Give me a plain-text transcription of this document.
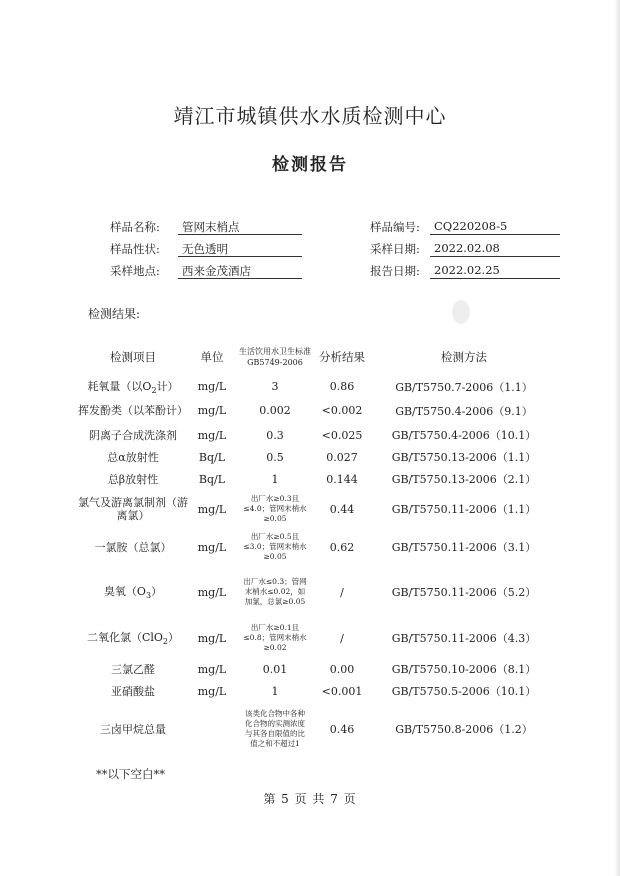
靖江市城镇供水水质检测中心
检测报告
样品名称:	管网末梢点	样品编号:	CQ220208-5
样品性状:	无色透明	采样日期:	2022.02.08
采样地点:	西来金茂酒店	报告日期:	2022.02.25
检测结果:
检测项目	单位	生活饮用水卫生标准GB5749-2006	分析结果	检测方法
耗氧量（以$O_2$计）	mg/L	3	0.86	GB/T5750.7-2006（1.1）
挥发酚类（以苯酚计）	mg/L	0.002	<0.002	GB/T5750.4-2006（9.1）
阴离子合成洗涤剂	mg/L	0.3	<0.025	GB/T5750.4-2006（10.1）
总α放射性	Bq/L	0.5	0.027	GB/T5750.13-2006（1.1）
总β放射性	Bq/L	1	0.144	GB/T5750.13-2006（2.1）
氯气及游离氯制剂（游离氯）	mg/L	出厂水≥0.3且≤4.0；管网末梢水≥0.05	0.44	GB/T5750.11-2006（1.1）
一氯胺（总氯）	mg/L	出厂水≥0.5且≤3.0；管网末梢水≥0.05	0.62	GB/T5750.11-2006（3.1）
臭氧$(O_3)$	mg/L	出厂水≤0.3；管网末梢水≤0.02，如加氯，总氯≥0.05	/	GB/T5750.11-2006（5.2）
二氧化氯（ClO$_2$）	mg/L	出厂水≥0.1且≤0.8；管网末梢水≥0.02	/	GB/T5750.11-2006（4.3）
三氯乙醛	mg/L	0.01	0.00	GB/T5750.10-2006（8.1）
亚硝酸盐	mg/L	1	<0.001	GB/T5750.5-2006（10.1）
三卤甲烷总量		该类化合物中各种化合物的实测浓度与其各自限值的比值之和不超过1	0.46	GB/T5750.8-2006（1.2）
**以下空白**
第 5 页 共 7 页
